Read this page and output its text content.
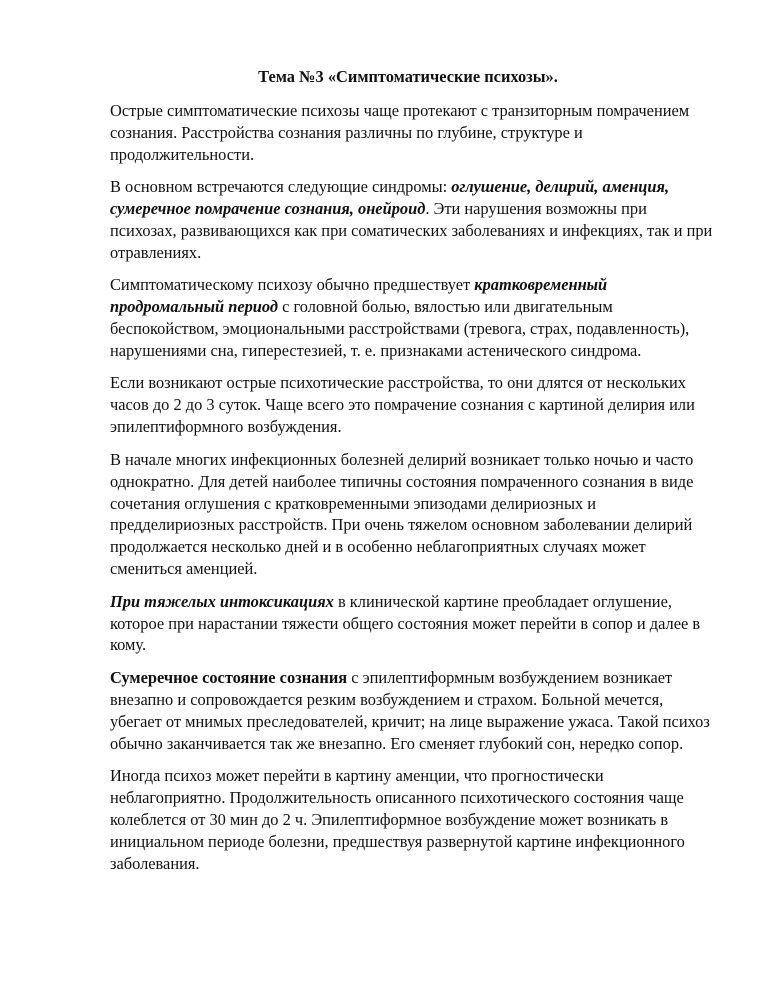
Тема №3 «Симптоматические психозы».

Острые симптоматические психозы чаще протекают с транзиторным помрачением сознания. Расстройства сознания различны по глубине, структуре и продолжительности.

В основном встречаются следующие синдромы: оглушение, делирий, аменция, сумеречное помрачение сознания, онейроид. Эти нарушения возможны при психозах, развивающихся как при соматических заболеваниях и инфекциях, так и при отравлениях.

Симптоматическому психозу обычно предшествует кратковременный продромальный период с головной болью, вялостью или двигательным беспокойством, эмоциональными расстройствами (тревога, страх, подавленность), нарушениями сна, гиперестезией, т. е. признаками астенического синдрома.

Если возникают острые психотические расстройства, то они длятся от нескольких часов до 2 до 3 суток. Чаще всего это помрачение сознания с картиной делирия или эпилептиформного возбуждения.

В начале многих инфекционных болезней делирий возникает только ночью и часто однократно. Для детей наиболее типичны состояния помраченного сознания в виде сочетания оглушения с кратковременными эпизодами делириозных и предделириозных расстройств. При очень тяжелом основном заболевании делирий продолжается несколько дней и в особенно неблагоприятных случаях может смениться аменцией.

При тяжелых интоксикациях в клинической картине преобладает оглушение, которое при нарастании тяжести общего состояния может перейти в сопор и далее в кому.

Сумеречное состояние сознания с эпилептиформным возбуждением возникает внезапно и сопровождается резким возбуждением и страхом. Больной мечется, убегает от мнимых преследователей, кричит; на лице выражение ужаса. Такой психоз обычно заканчивается так же внезапно. Его сменяет глубокий сон, нередко сопор.

Иногда психоз может перейти в картину аменции, что прогностически неблагоприятно. Продолжительность описанного психотического состояния чаще колеблется от 30 мин до 2 ч. Эпилептиформное возбуждение может возникать в инициальном периоде болезни, предшествуя развернутой картине инфекционного заболевания.
